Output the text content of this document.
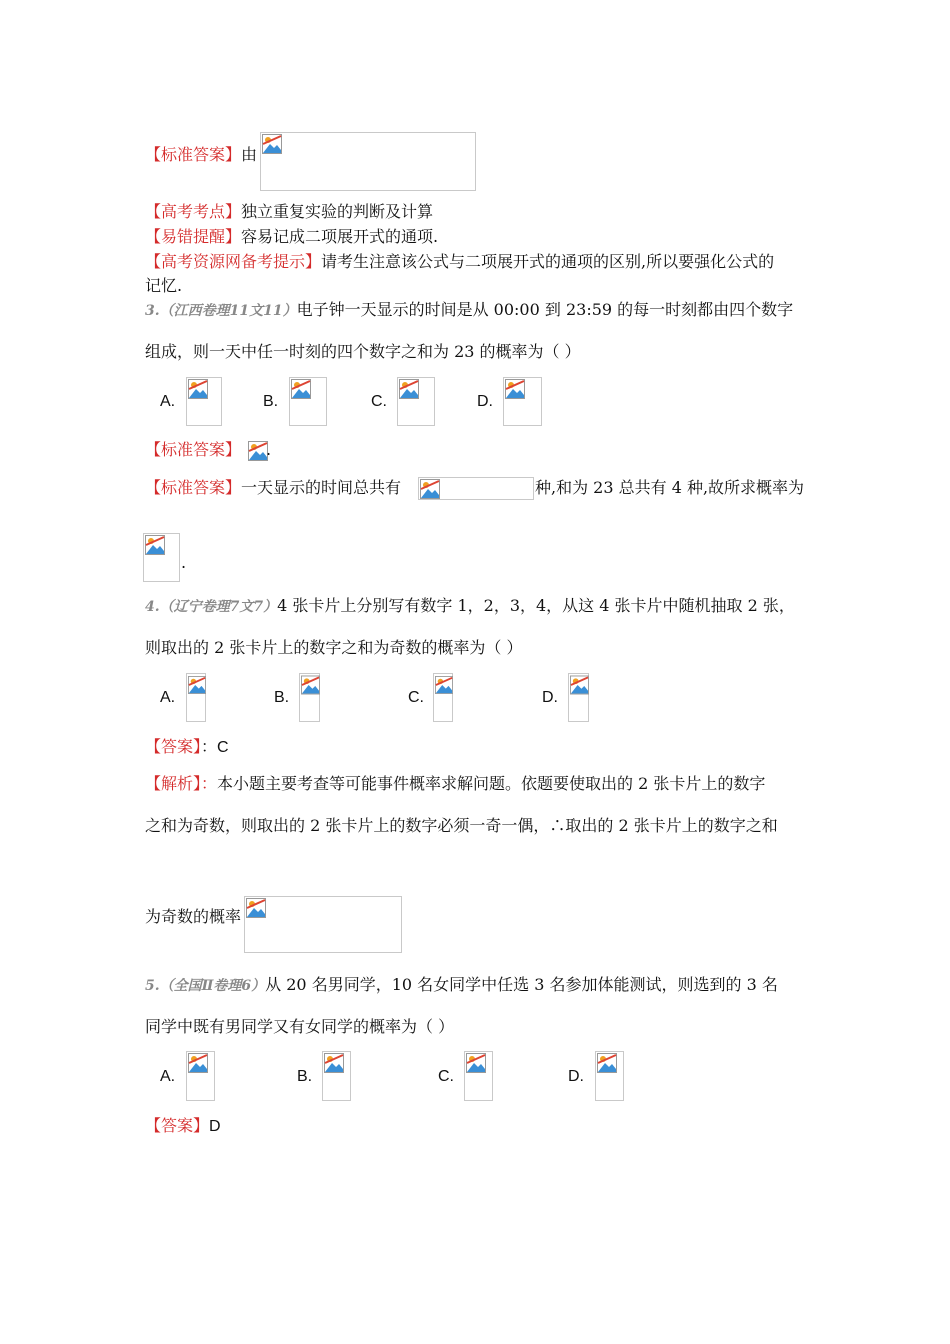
【标准答案】由
【高考考点】独立重复实验的判断及计算
【易错提醒】容易记成二项展开式的通项.
【高考资源网备考提示】请考生注意该公式与二项展开式的通项的区别,所以要强化公式的
记忆.
3.（江西卷理11文11）电子钟一天显示的时间是从 00:00 到 23:59 的每一时刻都由四个数字
组成，则一天中任一时刻的四个数字之和为 23 的概率为（ ）
A.	B.	C.	D.
【标准答案】 .
【标准答案】一天显示的时间总共有	种,和为 23 总共有 4 种,故所求概率为
.
4.（辽宁卷理7文7）4 张卡片上分别写有数字 1，2，3，4，从这 4 张卡片中随机抽取 2 张，
则取出的 2 张卡片上的数字之和为奇数的概率为（ ）
A.	B.	C.	D.
【答案】：C
【解析】：本小题主要考查等可能事件概率求解问题。依题要使取出的 2 张卡片上的数字
之和为奇数，则取出的 2 张卡片上的数字必须一奇一偶，∴取出的 2 张卡片上的数字之和
为奇数的概率
5.（全国Ⅱ卷理6）从 20 名男同学，10 名女同学中任选 3 名参加体能测试，则选到的 3 名
同学中既有男同学又有女同学的概率为（ ）
A.	B.	C.	D.
【答案】D
